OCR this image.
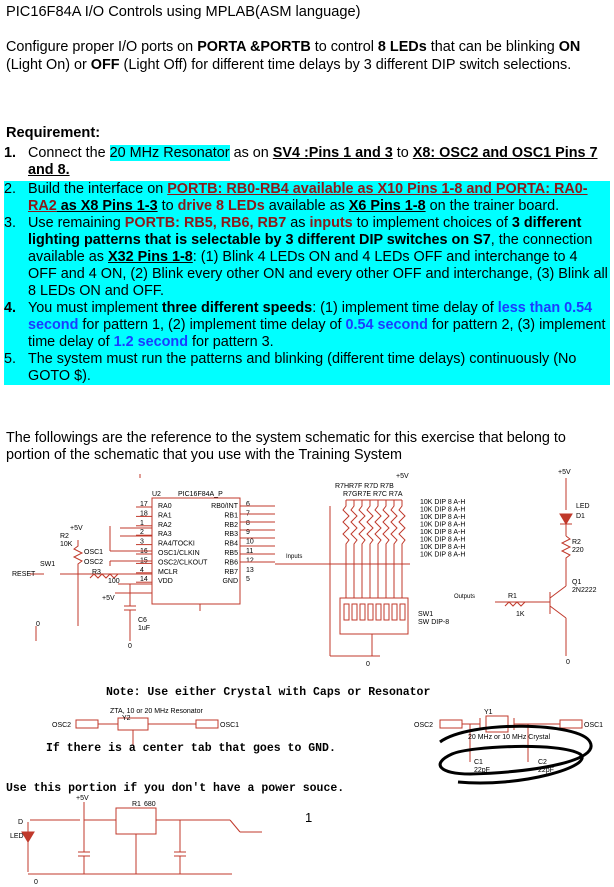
PIC16F84A I/O Controls using MPLAB(ASM language)
Configure proper I/O ports on PORTA &PORTB to control 8 LEDs that can be blinking ON (Light On) or OFF (Light Off) for different time delays by 3 different DIP switch selections.
Requirement:
1. Connect the 20 MHz Resonator as on SV4 :Pins 1 and 3 to X8: OSC2 and OSC1 Pins 7 and 8.
2. Build the interface on PORTB: RB0-RB4 available as X10 Pins 1-8 and PORTA: RA0-RA2 as X8 Pins 1-3 to drive 8 LEDs available as X6 Pins 1-8 on the trainer board.
3. Use remaining PORTB: RB5, RB6, RB7 as inputs to implement choices of 3 different lighting patterns that is selectable by 3 different DIP switches on S7, the connection available as X32 Pins 1-8: (1) Blink 4 LEDs ON and 4 LEDs OFF and interchange to 4 OFF and 4 ON, (2) Blink every other ON and every other OFF and interchange, (3) Blink all 8 LEDs ON and OFF.
4. You must implement three different speeds: (1) implement time delay of less than 0.54 second for pattern 1, (2) implement time delay of 0.54 second for pattern 2, (3) implement time delay of 1.2 second for pattern 3.
5. The system must run the patterns and blinking (different time delays) continuously (No GOTO $).
The followings are the reference to the system schematic for this exercise that belong to portion of the schematic that you use with the Training System
U2 PIC16F84A_P
RA0
17
RA1
18
RA2
1
RA3
2
RA4/TOCKI
3
OSC1/CLKIN
16
OSC2/CLKOUT
15
MCLR
4
VDD
14
RB0/INT 6
RB1 7
RB2 8
RB3 9
RB4 10
RB5 11
RB6 12
RB7 13
GND 5
R2
10K
OSC1
OSC2
SW1
RESET	R3
100
+5V
+5V
C6
1uF
0
0
Inputs
Outputs
R7HR7F R7D R7B
R7GR7E R7C R7A
+5V
10K DIP 8 A-H
10K DIP 8 A-H
10K DIP 8 A-H
10K DIP 8 A-H
10K DIP 8 A-H
10K DIP 8 A-H
10K DIP 8 A-H
10K DIP 8 A-H
SW1
SW DIP-8
0
+5V
LED
D1
R2
220
Q1
2N2222
R1
1K
0
Note: Use either Crystal with Caps or Resonator
OSC2	OSC1
ZTA, 10 or 20 MHz Resonator
Y2
Y1
OSC2	OSC1
20 MHz or 10 MHz Crystal
C1
22pF
C2
22pF
If there is a center tab that goes to GND.
Use this portion if you don't have a power souce.
+5V
D
LED
R1 680
0
1
